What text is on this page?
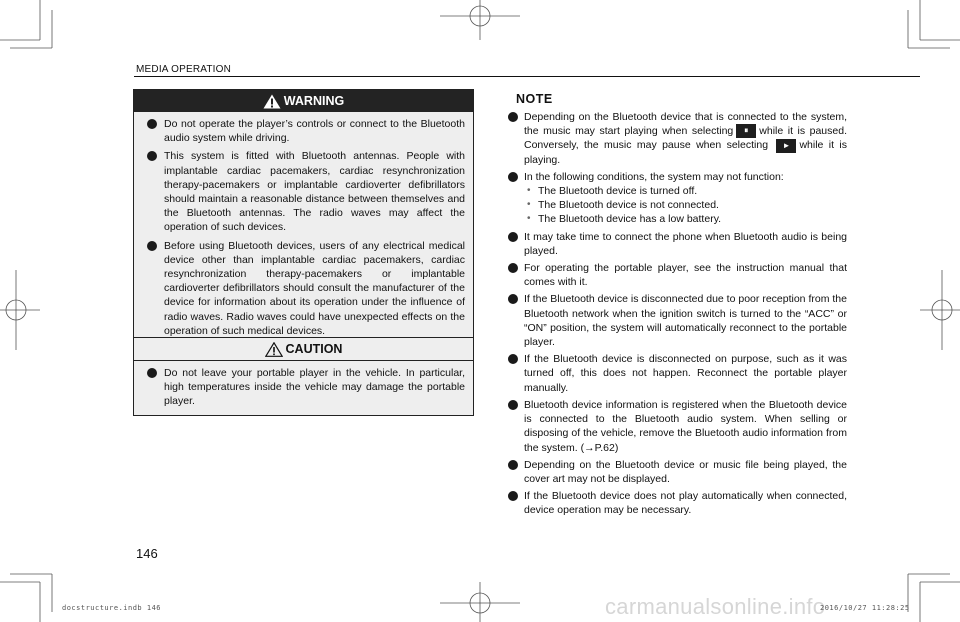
MEDIA OPERATION
WARNING
Do not operate the player’s controls or connect to the Bluetooth audio system while driving.
This system is fitted with Bluetooth antennas. People with implantable cardiac pacemakers, cardiac resynchronization therapy-pacemakers or implantable cardioverter defibrillators should maintain a reasonable distance between themselves and the Bluetooth antennas. The radio waves may affect the operation of such devices.
Before using Bluetooth devices, users of any electrical medical device other than implantable cardiac pacemakers, cardiac resynchronization therapy-pacemakers or implantable cardioverter defibrillators should consult the manufacturer of the device for information about its operation under the influence of radio waves. Radio waves could have unexpected effects on the operation of such medical devices.
CAUTION
Do not leave your portable player in the vehicle. In particular, high temperatures inside the vehicle may damage the portable player.
NOTE
Depending on the Bluetooth device that is connected to the system, the music may start playing when selecting ⏸ while it is paused. Conversely, the music may pause when selecting ► while it is playing.
In the following conditions, the system may not function:
• The Bluetooth device is turned off.
• The Bluetooth device is not connected.
• The Bluetooth device has a low battery.
It may take time to connect the phone when Bluetooth audio is being played.
For operating the portable player, see the instruction manual that comes with it.
If the Bluetooth device is disconnected due to poor reception from the Bluetooth network when the ignition switch is turned to the “ACC” or “ON” position, the system will automatically reconnect to the portable player.
If the Bluetooth device is disconnected on purpose, such as it was turned off, this does not happen. Reconnect the portable player manually.
Bluetooth device information is registered when the Bluetooth device is connected to the Bluetooth audio system. When selling or disposing of the vehicle, remove the Bluetooth audio information from the system. (→P.62)
Depending on the Bluetooth device or music file being played, the cover art may not be displayed.
If the Bluetooth device does not play automatically when connected, device operation may be necessary.
146
docstructure.indb 146	carmanualsonline.info
2016/10/27 11:28:25
